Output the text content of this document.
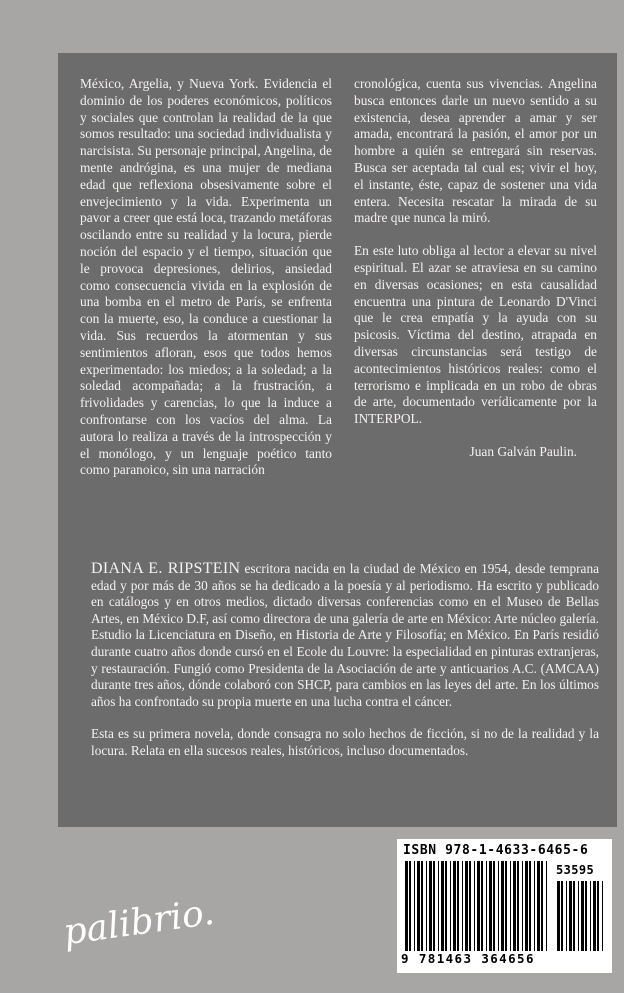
México, Argelia, y Nueva York. Evidencia el dominio de los poderes económicos, políticos y sociales que controlan la realidad de la que somos resultado: una sociedad individualista y narcisista. Su personaje principal, Angelina, de mente andrógina, es una mujer de mediana edad que reflexiona obsesivamente sobre el envejecimiento y la vida. Experimenta un pavor a creer que está loca, trazando metáforas oscilando entre su realidad y la locura, pierde noción del espacio y el tiempo, situación que le provoca depresiones, delirios, ansiedad como consecuencia vivida en la explosión de una bomba en el metro de París, se enfrenta con la muerte, eso, la conduce a cuestionar la vida. Sus recuerdos la atormentan y sus sentimientos afloran, esos que todos hemos experimentado: los miedos; a la soledad; a la soledad acompañada; a la frustración, a frivolidades y carencias, lo que la induce a confrontarse con los vacíos del alma. La autora lo realiza a través de la introspección y el monólogo, y un lenguaje poético tanto como paranoico, sin una narración

cronológica, cuenta sus vivencias. Angelina busca entonces darle un nuevo sentido a su existencia, desea aprender a amar y ser amada, encontrará la pasión, el amor por un hombre a quién se entregará sin reservas. Busca ser aceptada tal cual es; vivir el hoy, el instante, éste, capaz de sostener una vida entera. Necesita rescatar la mirada de su madre que nunca la miró.

En este luto obliga al lector a elevar su nivel espiritual. El azar se atraviesa en su camino en diversas ocasiones; en esta causalidad encuentra una pintura de Leonardo D'Vinci que le crea empatía y la ayuda con su psicosis. Víctima del destino, atrapada en diversas circunstancias será testigo de acontecimientos históricos reales: como el terrorismo e implicada en un robo de obras de arte, documentado verídicamente por la INTERPOL.

Juan Galván Paulin.

DIANA E. RIPSTEIN escritora nacida en la ciudad de México en 1954, desde temprana edad y por más de 30 años se ha dedicado a la poesía y al periodismo. Ha escrito y publicado en catálogos y en otros medios, dictado diversas conferencias como en el Museo de Bellas Artes, en México D.F, así como directora de una galería de arte en México: Arte núcleo galería. Estudio la Licenciatura en Diseño, en Historia de Arte y Filosofía; en México. En París residió durante cuatro años donde cursó en el Ecole du Louvre: la especialidad en pinturas extranjeras, y restauración. Fungió como Presidenta de la Asociación de arte y anticuarios A.C. (AMCAA) durante tres años, dónde colaboró con SHCP, para cambios en las leyes del arte. En los últimos años ha confrontado su propia muerte en una lucha contra el cáncer.

Esta es su primera novela, donde consagra no solo hechos de ficción, si no de la realidad y la locura. Relata en ella sucesos reales, históricos, incluso documentados.

palibrio.
ISBN 978-1-4633-6465-6
53595
9 781463 364656
